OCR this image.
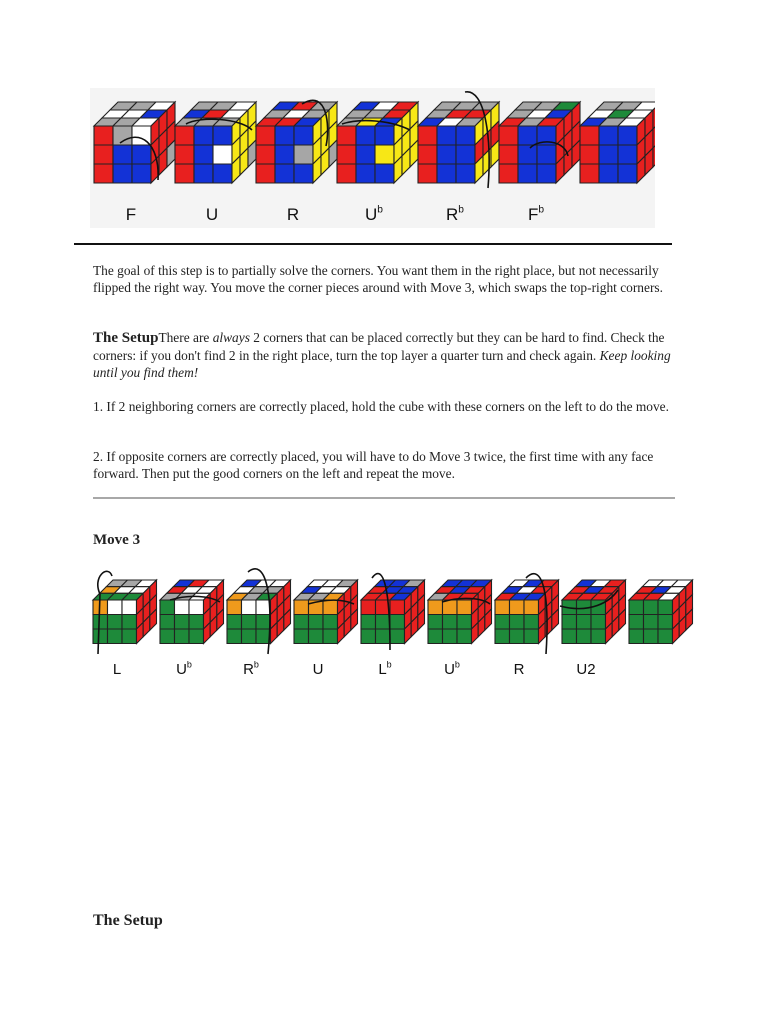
F	U	R	$U^b$	$R^b$	$F^b$
The goal of this step is to partially solve the corners. You want them in the right place, but not necessarily flipped the right way. You move the corner pieces around with Move 3, which swaps the top-right corners.
The SetupThere are always 2 corners that can be placed correctly but they can be hard to find. Check the corners: if you don't find 2 in the right place, turn the top layer a quarter turn and check again. Keep looking until you find them!
1. If 2 neighboring corners are correctly placed, hold the cube with these corners on the left to do the move.
2. If opposite corners are correctly placed, you will have to do Move 3 twice, the first time with any face forward. Then put the good corners on the left and repeat the move.
Move 3
L	$U^b$	$R^b$	U	$L^b$	$U^b$	R	U2
The Setup
